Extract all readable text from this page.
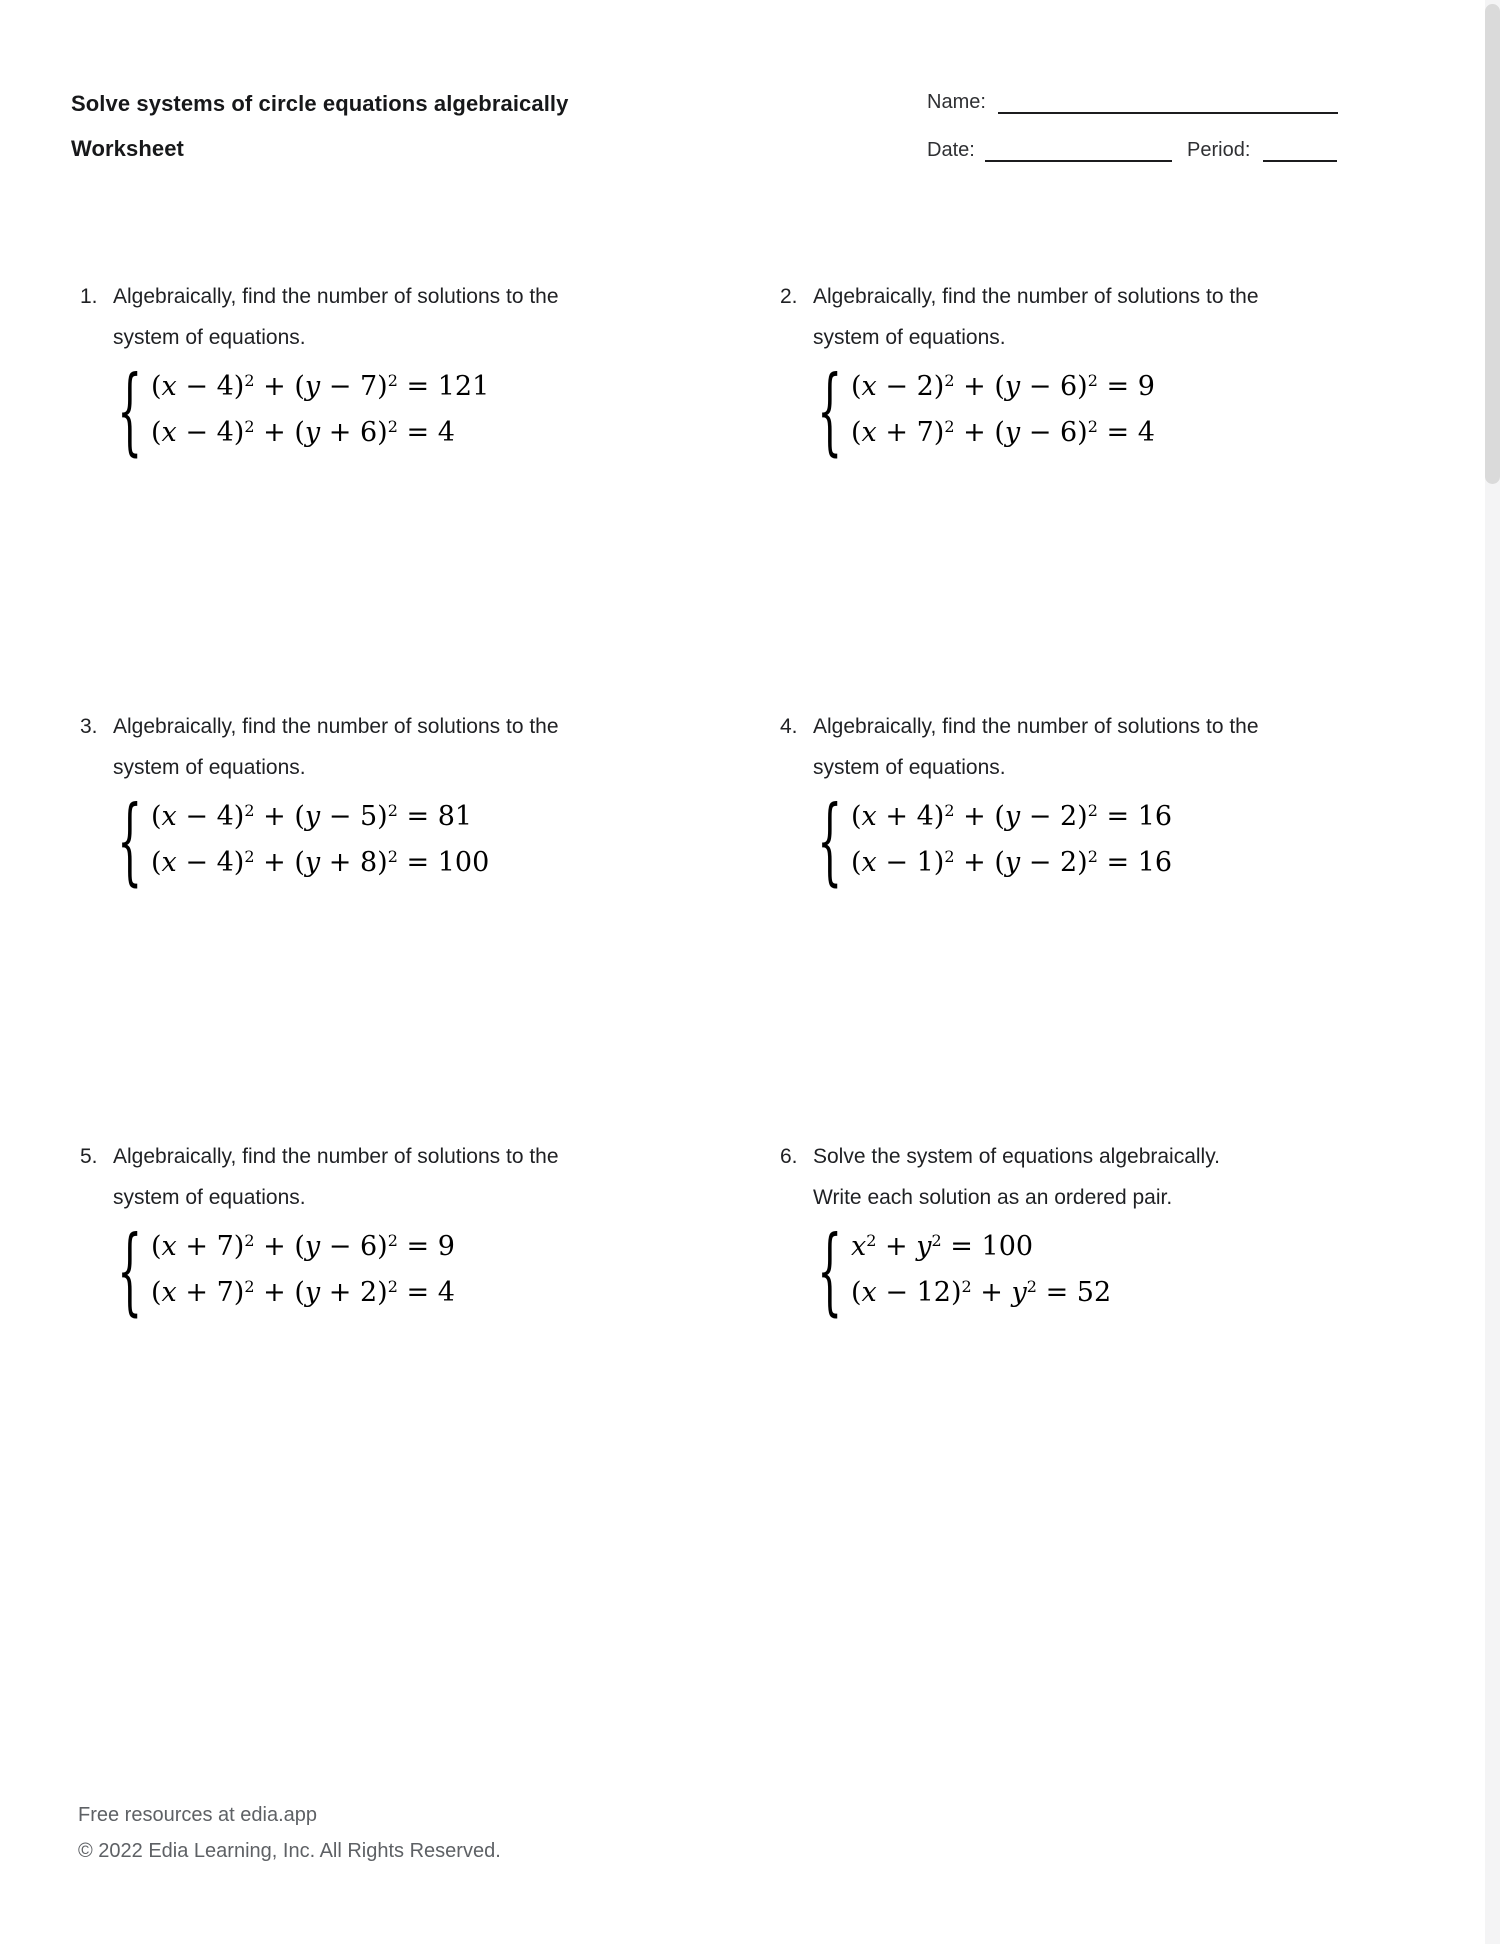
Solve systems of circle equations algebraically
Worksheet
Name:
Date:	Period:
1. Algebraically, find the number of solutions to the
system of equations.
{ $(x - 4)^2 + (y - 7)^2 = 121$
$(x - 4)^2 + (y + 6)^2 = 4$
2. Algebraically, find the number of solutions to the
system of equations.
{ $(x - 2)^2 + (y - 6)^2 = 9$
$(x + 7)^2 + (y - 6)^2 = 4$
3. Algebraically, find the number of solutions to the
system of equations.
{ $(x - 4)^2 + (y - 5)^2 = 81$
$(x - 4)^2 + (y + 8)^2 = 100$
4. Algebraically, find the number of solutions to the
system of equations.
{ $(x + 4)^2 + (y - 2)^2 = 16$
$(x - 1)^2 + (y - 2)^2 = 16$
5. Algebraically, find the number of solutions to the
system of equations.
{ $(x + 7)^2 + (y - 6)^2 = 9$
$(x + 7)^2 + (y + 2)^2 = 4$
6. Solve the system of equations algebraically.
Write each solution as an ordered pair.
{ $x^2 + y^2 = 100$
$(x - 12)^2 + y^2 = 52$
Free resources at edia.app
© 2022 Edia Learning, Inc. All Rights Reserved.
